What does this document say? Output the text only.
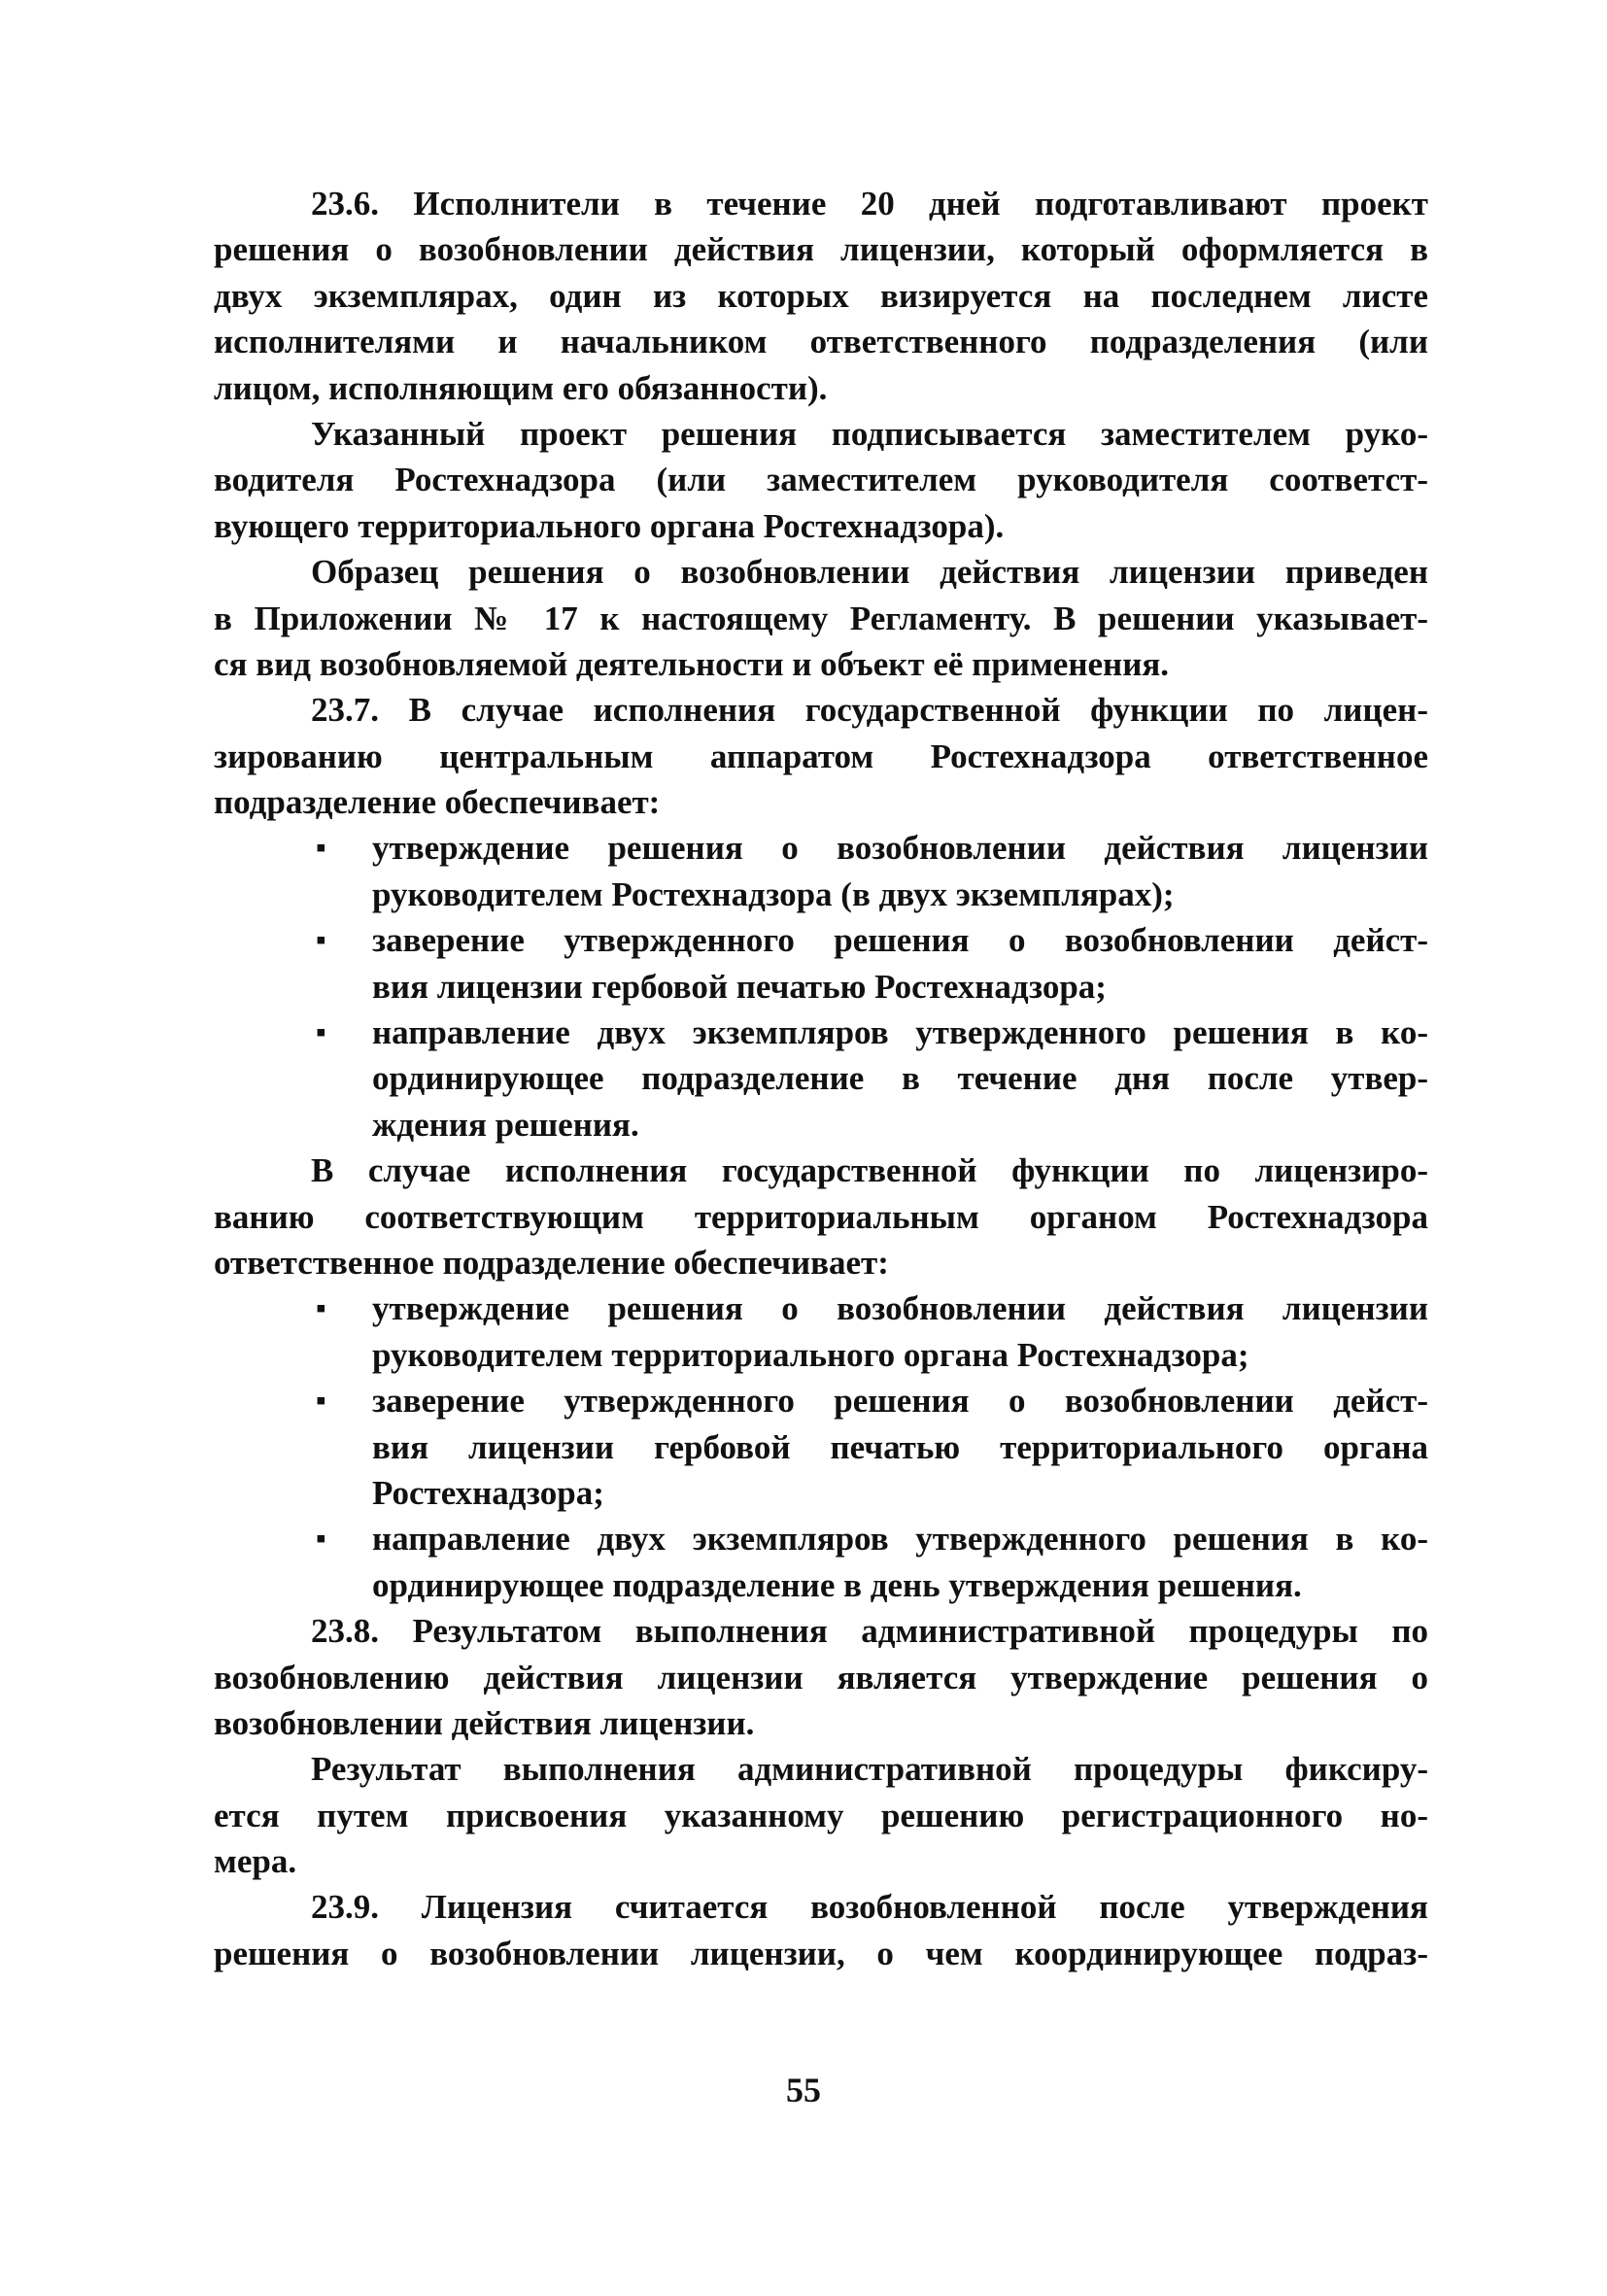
23.6. Исполнители в течение 20 дней подготавливают проект
решения о возобновлении действия лицензии, который оформляется в
двух экземплярах, один из которых визируется на последнем листе
исполнителями и начальником ответственного подразделения (или
лицом, исполняющим его обязанности).
Указанный проект решения подписывается заместителем руко-
водителя Ростехнадзора (или заместителем руководителя соответст-
вующего территориального органа Ростехнадзора).
Образец решения о возобновлении действия лицензии приведен
в Приложении № 17 к настоящему Регламенту. В решении указывает-
ся вид возобновляемой деятельности и объект её применения.
23.7. В случае исполнения государственной функции по лицен-
зированию центральным аппаратом Ростехнадзора ответственное
подразделение обеспечивает:
▪ утверждение решения о возобновлении действия лицензии
руководителем Ростехнадзора (в двух экземплярах);
▪ заверение утвержденного решения о возобновлении дейст-
вия лицензии гербовой печатью Ростехнадзора;
▪ направление двух экземпляров утвержденного решения в ко-
ординирующее подразделение в течение дня после утвер-
ждения решения.
В случае исполнения государственной функции по лицензиро-
ванию соответствующим территориальным органом Ростехнадзора
ответственное подразделение обеспечивает:
▪ утверждение решения о возобновлении действия лицензии
руководителем территориального органа Ростехнадзора;
▪ заверение утвержденного решения о возобновлении дейст-
вия лицензии гербовой печатью территориального органа
Ростехнадзора;
▪ направление двух экземпляров утвержденного решения в ко-
ординирующее подразделение в день утверждения решения.
23.8. Результатом выполнения административной процедуры по
возобновлению действия лицензии является утверждение решения о
возобновлении действия лицензии.
Результат выполнения административной процедуры фиксиру-
ется путем присвоения указанному решению регистрационного но-
мера.
23.9. Лицензия считается возобновленной после утверждения
решения о возобновлении лицензии, о чем координирующее подраз-
55
